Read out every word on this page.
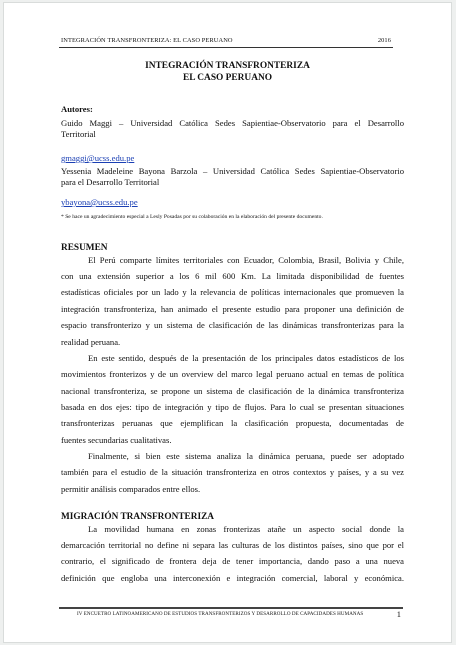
INTEGRACIÓN TRANSFRONTERIZA: EL CASO PERUANO	2016
INTEGRACIÓN TRANSFRONTERIZA
EL CASO PERUANO
Autores:
Guido Maggi – Universidad Católica Sedes Sapientiae-Observatorio para el Desarrollo
Territorial
gmaggi@ucss.edu.pe
Yessenia Madeleine Bayona Barzola – Universidad Católica Sedes Sapientiae-Observatorio
para el Desarrollo Territorial
ybayona@ucss.edu.pe
* Se hace un agradecimiento especial a Lesly Posadas por su colaboración en la elaboración del presente documento.
RESUMEN
El Perú comparte límites territoriales con Ecuador, Colombia, Brasil, Bolivia y Chile,
con una extensión superior a los 6 mil 600 Km. La limitada disponibilidad de fuentes
estadísticas oficiales por un lado y la relevancia de políticas internacionales que promueven la
integración transfronteriza, han animado el presente estudio para proponer una definición de
espacio transfronterizo y un sistema de clasificación de las dinámicas transfronterizas para la
realidad peruana.
En este sentido, después de la presentación de los principales datos estadísticos de los
movimientos fronterizos y de un overview del marco legal peruano actual en temas de política
nacional transfronteriza, se propone un sistema de clasificación de la dinámica transfronteriza
basada en dos ejes: tipo de integración y tipo de flujos. Para lo cual se presentan situaciones
transfronterizas peruanas que ejemplifican la clasificación propuesta, documentadas de
fuentes secundarias cualitativas.
Finalmente, si bien este sistema analiza la dinámica peruana, puede ser adoptado
también para el estudio de la situación transfronteriza en otros contextos y países, y a su vez
permitir análisis comparados entre ellos.
MIGRACIÓN TRANSFRONTERIZA
La movilidad humana en zonas fronterizas atañe un aspecto social donde la
demarcación territorial no define ni separa las culturas de los distintos países, sino que por el
contrario, el significado de frontera deja de tener importancia, dando paso a una nueva
definición que engloba una interconexión e integración comercial, laboral y económica.
IV ENCUETRO LATINOAMERICANO DE ESTUDIOS TRANSFRONTERIZOS Y DESARROLLO DE CAPACIDADES HUMANAS	1
